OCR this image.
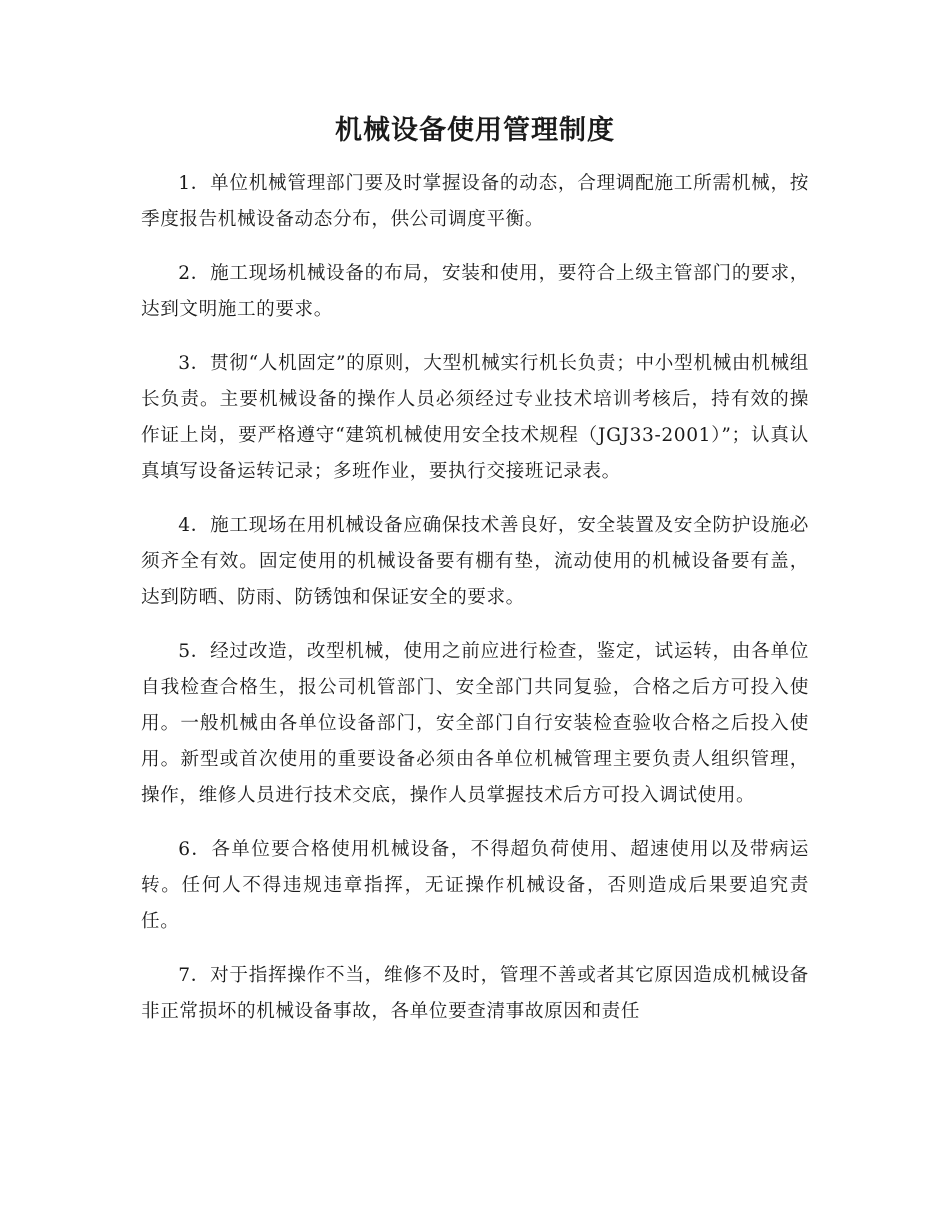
机械设备使用管理制度

1．单位机械管理部门要及时掌握设备的动态，合理调配施工所需机械，按季度报告机械设备动态分布，供公司调度平衡。

2．施工现场机械设备的布局，安装和使用，要符合上级主管部门的要求，达到文明施工的要求。

3．贯彻“人机固定”的原则，大型机械实行机长负责；中小型机械由机械组长负责。主要机械设备的操作人员必须经过专业技术培训考核后，持有效的操作证上岗，要严格遵守“建筑机械使用安全技术规程（JGJ33-2001）”；认真认真填写设备运转记录；多班作业，要执行交接班记录表。

4．施工现场在用机械设备应确保技术善良好，安全装置及安全防护设施必须齐全有效。固定使用的机械设备要有棚有垫，流动使用的机械设备要有盖，达到防晒、防雨、防锈蚀和保证安全的要求。

5．经过改造，改型机械，使用之前应进行检查，鉴定，试运转，由各单位自我检查合格生，报公司机管部门、安全部门共同复验，合格之后方可投入使用。一般机械由各单位设备部门，安全部门自行安装检查验收合格之后投入使用。新型或首次使用的重要设备必须由各单位机械管理主要负责人组织管理，操作，维修人员进行技术交底，操作人员掌握技术后方可投入调试使用。

6．各单位要合格使用机械设备，不得超负荷使用、超速使用以及带病运转。任何人不得违规违章指挥，无证操作机械设备，否则造成后果要追究责任。

7．对于指挥操作不当，维修不及时，管理不善或者其它原因造成机械设备非正常损坏的机械设备事故，各单位要查清事故原因和责任
